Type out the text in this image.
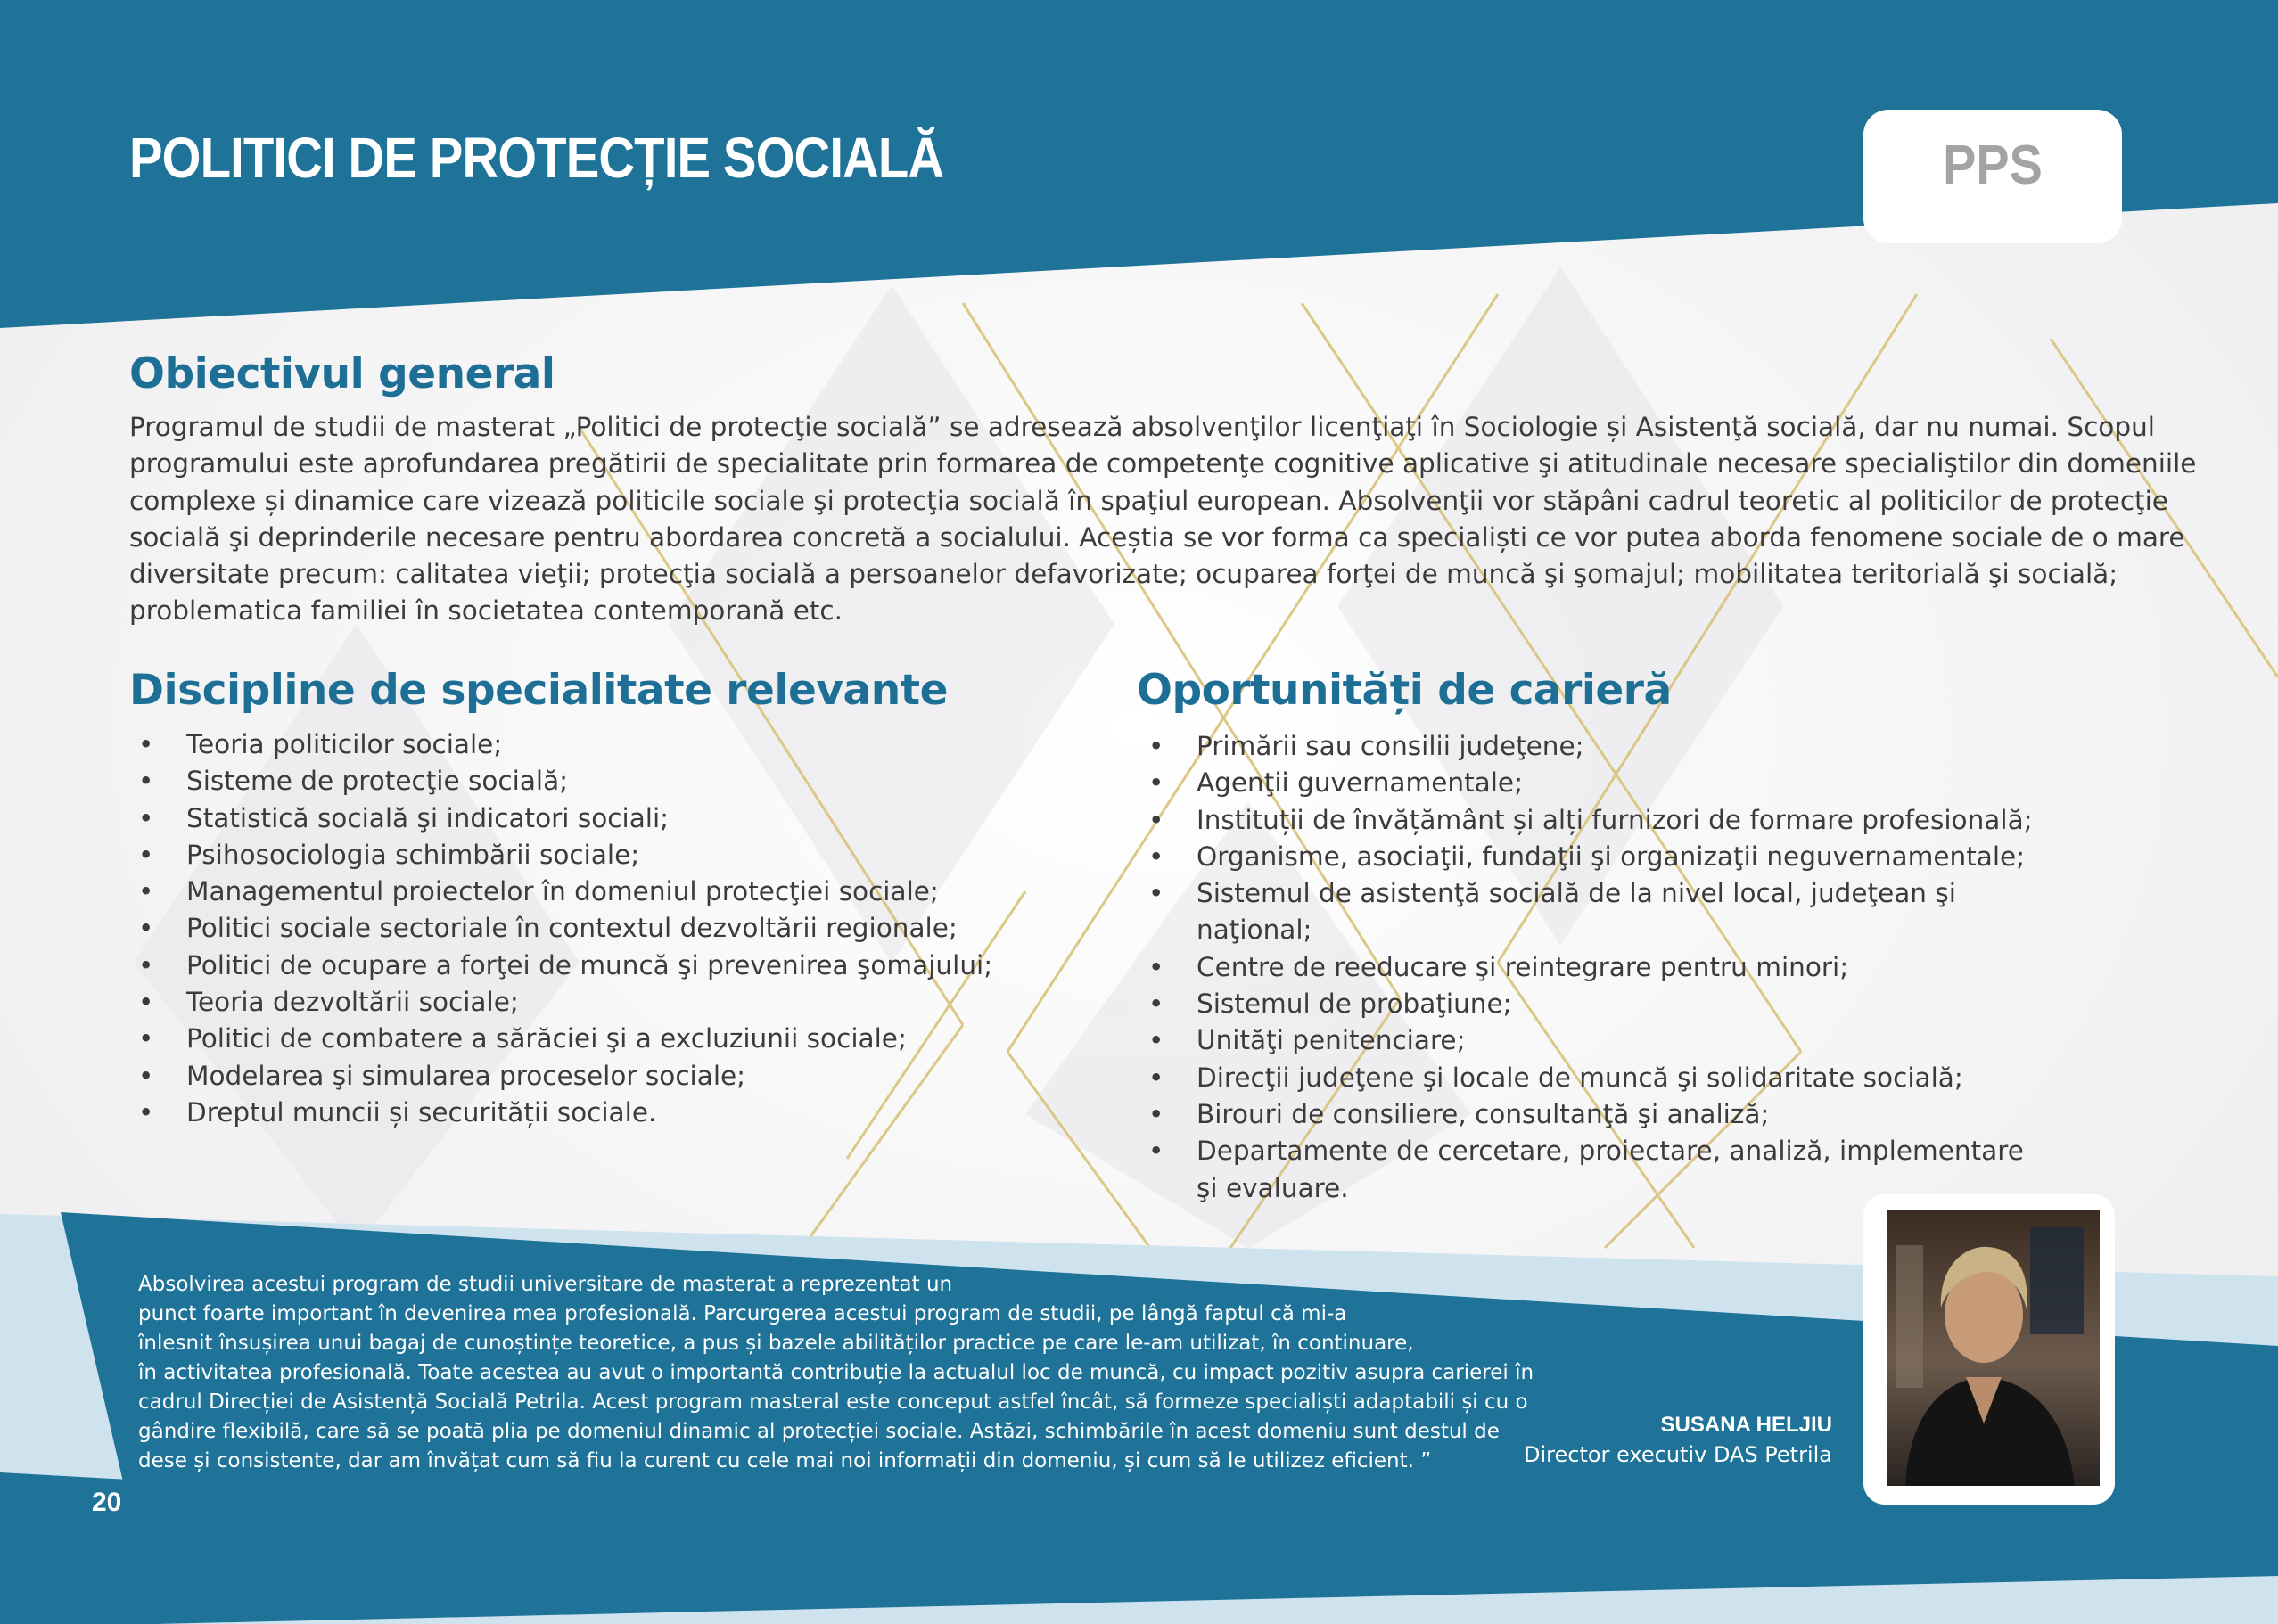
POLITICI DE PROTECȚIE SOCIALĂ	PPS
Obiectivul general

Programul de studii de masterat „Politici de protecţie socială” se adresează absolvenţilor licenţiaţi în Sociologie și Asistenţă socială, dar nu numai. Scopul
programului este aprofundarea pregătirii de specialitate prin formarea de competenţe cognitive aplicative şi atitudinale necesare specialiştilor din domeniile
complexe și dinamice care vizează politicile sociale şi protecţia socială în spaţiul european. Absolvenţii vor stăpâni cadrul teoretic al politicilor de protecţie
socială şi deprinderile necesare pentru abordarea concretă a socialului. Aceștia se vor forma ca specialiști ce vor putea aborda fenomene sociale de o mare
diversitate precum: calitatea vieţii; protecţia socială a persoanelor defavorizate; ocuparea forţei de muncă şi şomajul; mobilitatea teritorială şi socială;
problematica familiei în societatea contemporană etc.

Discipline de specialitate relevante
• Teoria politicilor sociale;
• Sisteme de protecţie socială;
• Statistică socială şi indicatori sociali;
• Psihosociologia schimbării sociale;
• Managementul proiectelor în domeniul protecţiei sociale;
• Politici sociale sectoriale în contextul dezvoltării regionale;
• Politici de ocupare a forţei de muncă şi prevenirea şomajului;
• Teoria dezvoltării sociale;
• Politici de combatere a sărăciei şi a excluziunii sociale;
• Modelarea şi simularea proceselor sociale;
• Dreptul muncii și securității sociale.
Oportunități de carieră
• Primării sau consilii judeţene;
• Agenţii guvernamentale;
• Instituții de învățământ și alți furnizori de formare profesională;
• Organisme, asociaţii, fundaţii şi organizaţii neguvernamentale;
• Sistemul de asistenţă socială de la nivel local, judeţean şi naţional;
• Centre de reeducare şi reintegrare pentru minori;
• Sistemul de probaţiune;
• Unităţi penitenciare;
• Direcţii judeţene şi locale de muncă şi solidaritate socială;
• Birouri de consiliere, consultanţă şi analiză;
• Departamente de cercetare, proiectare, analiză, implementare şi evaluare.

Absolvirea acestui program de studii universitare de masterat a reprezentat un
punct foarte important în devenirea mea profesională. Parcurgerea acestui program de studii, pe lângă faptul că mi-a
înlesnit însușirea unui bagaj de cunoștințe teoretice, a pus și bazele abilităților practice pe care le-am utilizat, în continuare,
în activitatea profesională. Toate acestea au avut o importantă contribuție la actualul loc de muncă, cu impact pozitiv asupra carierei în
cadrul Direcției de Asistență Socială Petrila. Acest program masteral este conceput astfel încât, să formeze specialiști adaptabili și cu o
gândire flexibilă, care să se poată plia pe domeniul dinamic al protecției sociale. Astăzi, schimbările în acest domeniu sunt destul de
dese și consistente, dar am învățat cum să fiu la curent cu cele mai noi informații din domeniu, și cum să le utilizez eficient. ”

SUSANA HELJIU
Director executiv DAS Petrila
20
